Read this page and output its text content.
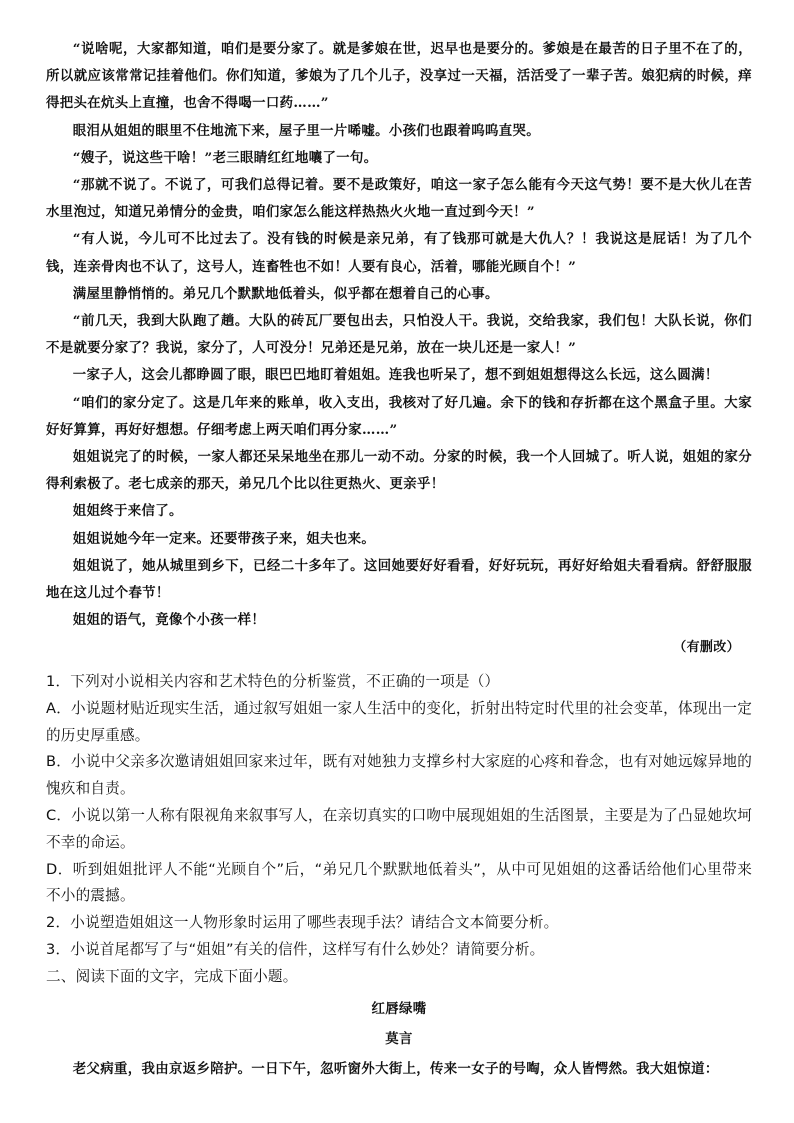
“说啥呢，大家都知道，咱们是要分家了。就是爹娘在世，迟早也是要分的。爹娘是在最苦的日子里不在了的，所以就应该常常记挂着他们。你们知道，爹娘为了几个儿子，没享过一天福，活活受了一辈子苦。娘犯病的时候，痒得把头在炕头上直撞，也舍不得喝一口药……”

眼泪从姐姐的眼里不住地流下来，屋子里一片唏嘘。小孩们也跟着呜呜直哭。

“嫂子，说这些干啥！”老三眼睛红红地嚷了一句。

“那就不说了。不说了，可我们总得记着。要不是政策好，咱这一家子怎么能有今天这气势！要不是大伙儿在苦水里泡过，知道兄弟情分的金贵，咱们家怎么能这样热热火火地一直过到今天！”

“有人说，今儿可不比过去了。没有钱的时候是亲兄弟，有了钱那可就是大仇人？！我说这是屁话！为了几个钱，连亲骨肉也不认了，这号人，连畜牲也不如！人要有良心，活着，哪能光顾自个！”

满屋里静悄悄的。弟兄几个默默地低着头，似乎都在想着自己的心事。

“前几天，我到大队跑了趟。大队的砖瓦厂要包出去，只怕没人干。我说，交给我家，我们包！大队长说，你们不是就要分家了？我说，家分了，人可没分！兄弟还是兄弟，放在一块儿还是一家人！”

一家子人，这会儿都睁圆了眼，眼巴巴地盯着姐姐。连我也听呆了，想不到姐姐想得这么长远，这么圆满！

“咱们的家分定了。这是几年来的账单，收入支出，我核对了好几遍。余下的钱和存折都在这个黑盒子里。大家好好算算，再好好想想。仔细考虑上两天咱们再分家……”

姐姐说完了的时候，一家人都还呆呆地坐在那儿一动不动。分家的时候，我一个人回城了。听人说，姐姐的家分得利索极了。老七成亲的那天，弟兄几个比以往更热火、更亲乎！

姐姐终于来信了。

姐姐说她今年一定来。还要带孩子来，姐夫也来。

姐姐说了，她从城里到乡下，已经二十多年了。这回她要好好看看，好好玩玩，再好好给姐夫看看病。舒舒服服地在这儿过个春节！

姐姐的语气，竟像个小孩一样！

（有删改）

1．下列对小说相关内容和艺术特色的分析鉴赏，不正确的一项是（）

A．小说题材贴近现实生活，通过叙写姐姐一家人生活中的变化，折射出特定时代里的社会变革，体现出一定的历史厚重感。

B．小说中父亲多次邀请姐姐回家来过年，既有对她独力支撑乡村大家庭的心疼和眷念，也有对她远嫁异地的愧疚和自责。

C．小说以第一人称有限视角来叙事写人，在亲切真实的口吻中展现姐姐的生活图景，主要是为了凸显她坎坷不幸的命运。

D．听到姐姐批评人不能“光顾自个”后，“弟兄几个默默地低着头”，从中可见姐姐的这番话给他们心里带来不小的震撼。

2．小说塑造姐姐这一人物形象时运用了哪些表现手法？请结合文本简要分析。

3．小说首尾都写了与“姐姐”有关的信件，这样写有什么妙处？请简要分析。

二、阅读下面的文字，完成下面小题。

红唇绿嘴

莫言

老父病重，我由京返乡陪护。一日下午，忽听窗外大街上，传来一女子的号啕，众人皆愕然。我大姐惊道：
